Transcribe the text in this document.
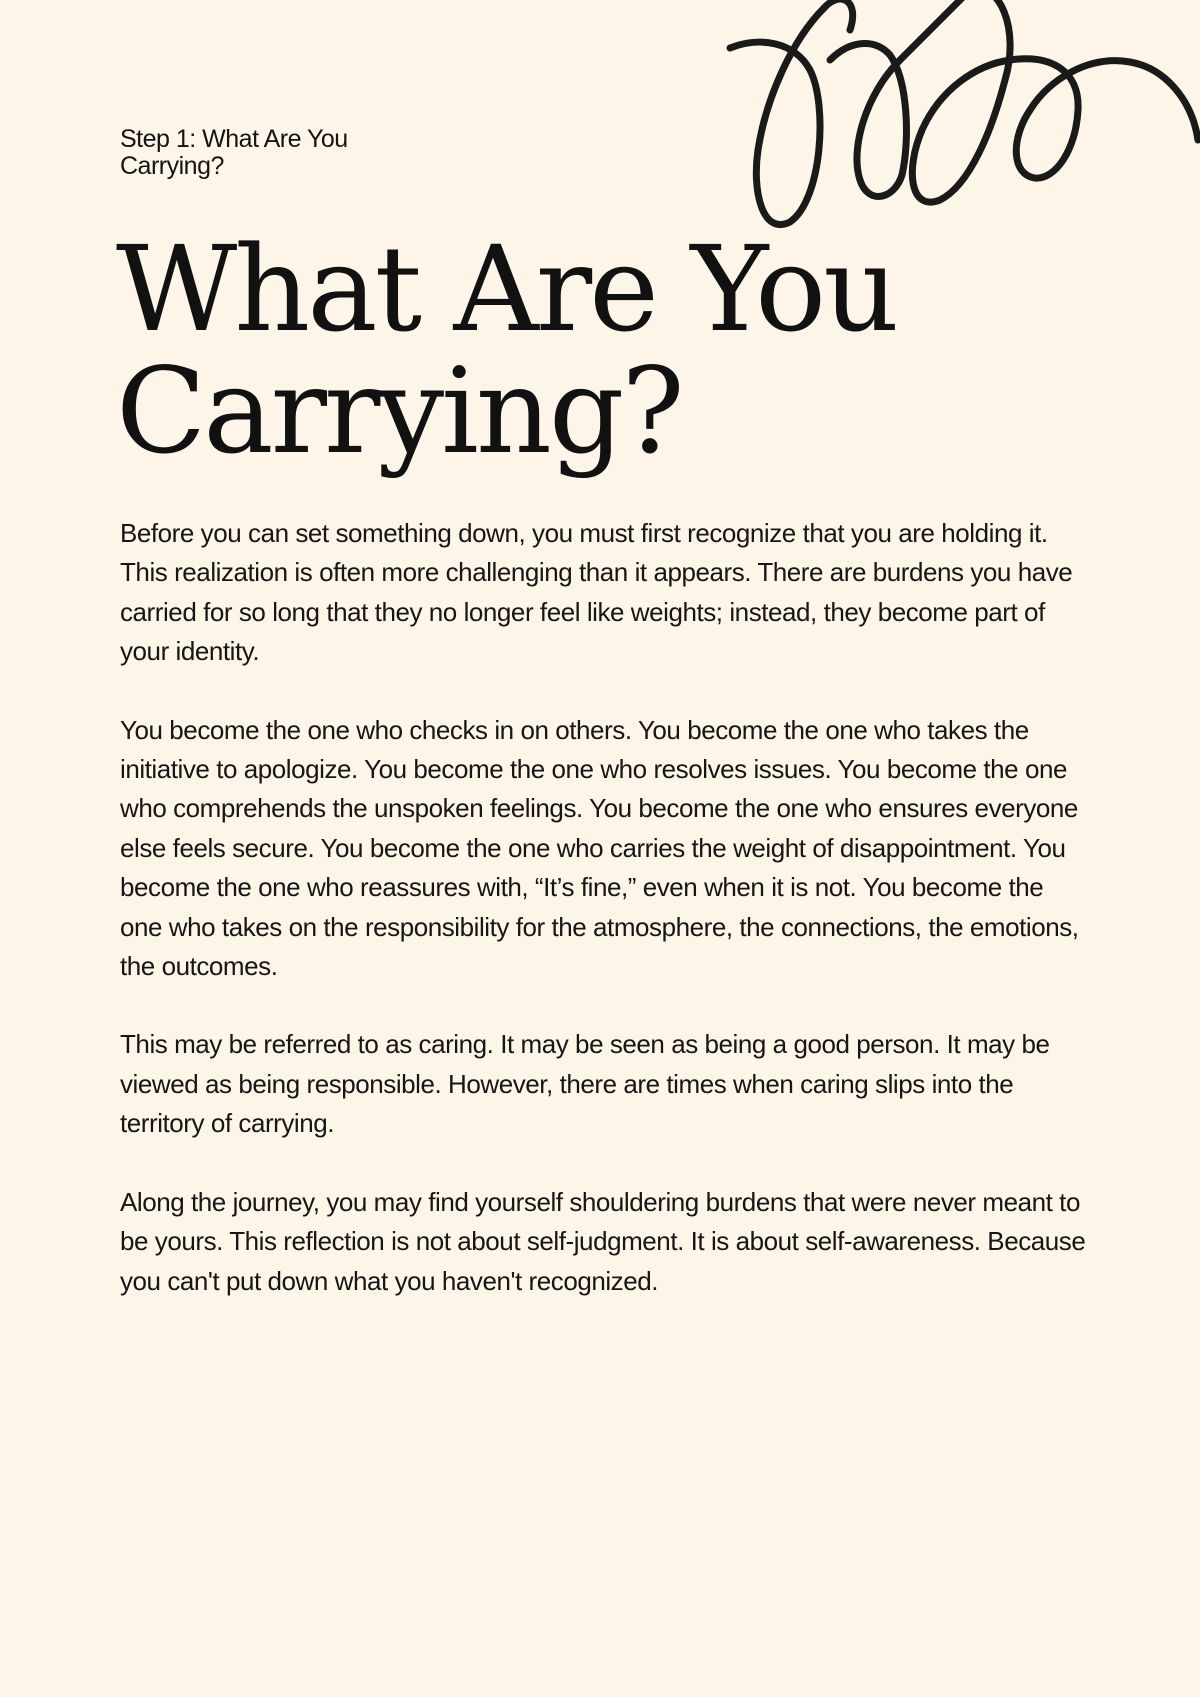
Step 1: What Are You
Carrying?

What Are You
Carrying?

Before you can set something down, you must first recognize that you are holding it. This realization is often more challenging than it appears. There are burdens you have carried for so long that they no longer feel like weights; instead, they become part of your identity.

You become the one who checks in on others. You become the one who takes the initiative to apologize. You become the one who resolves issues. You become the one who comprehends the unspoken feelings. You become the one who ensures everyone else feels secure. You become the one who carries the weight of disappointment. You become the one who reassures with, “It’s fine,” even when it is not. You become the one who takes on the responsibility for the atmosphere, the connections, the emotions, the outcomes.

This may be referred to as caring. It may be seen as being a good person. It may be viewed as being responsible. However, there are times when caring slips into the territory of carrying.

Along the journey, you may find yourself shouldering burdens that were never meant to be yours. This reflection is not about self-judgment. It is about self-awareness. Because you can't put down what you haven't recognized.
